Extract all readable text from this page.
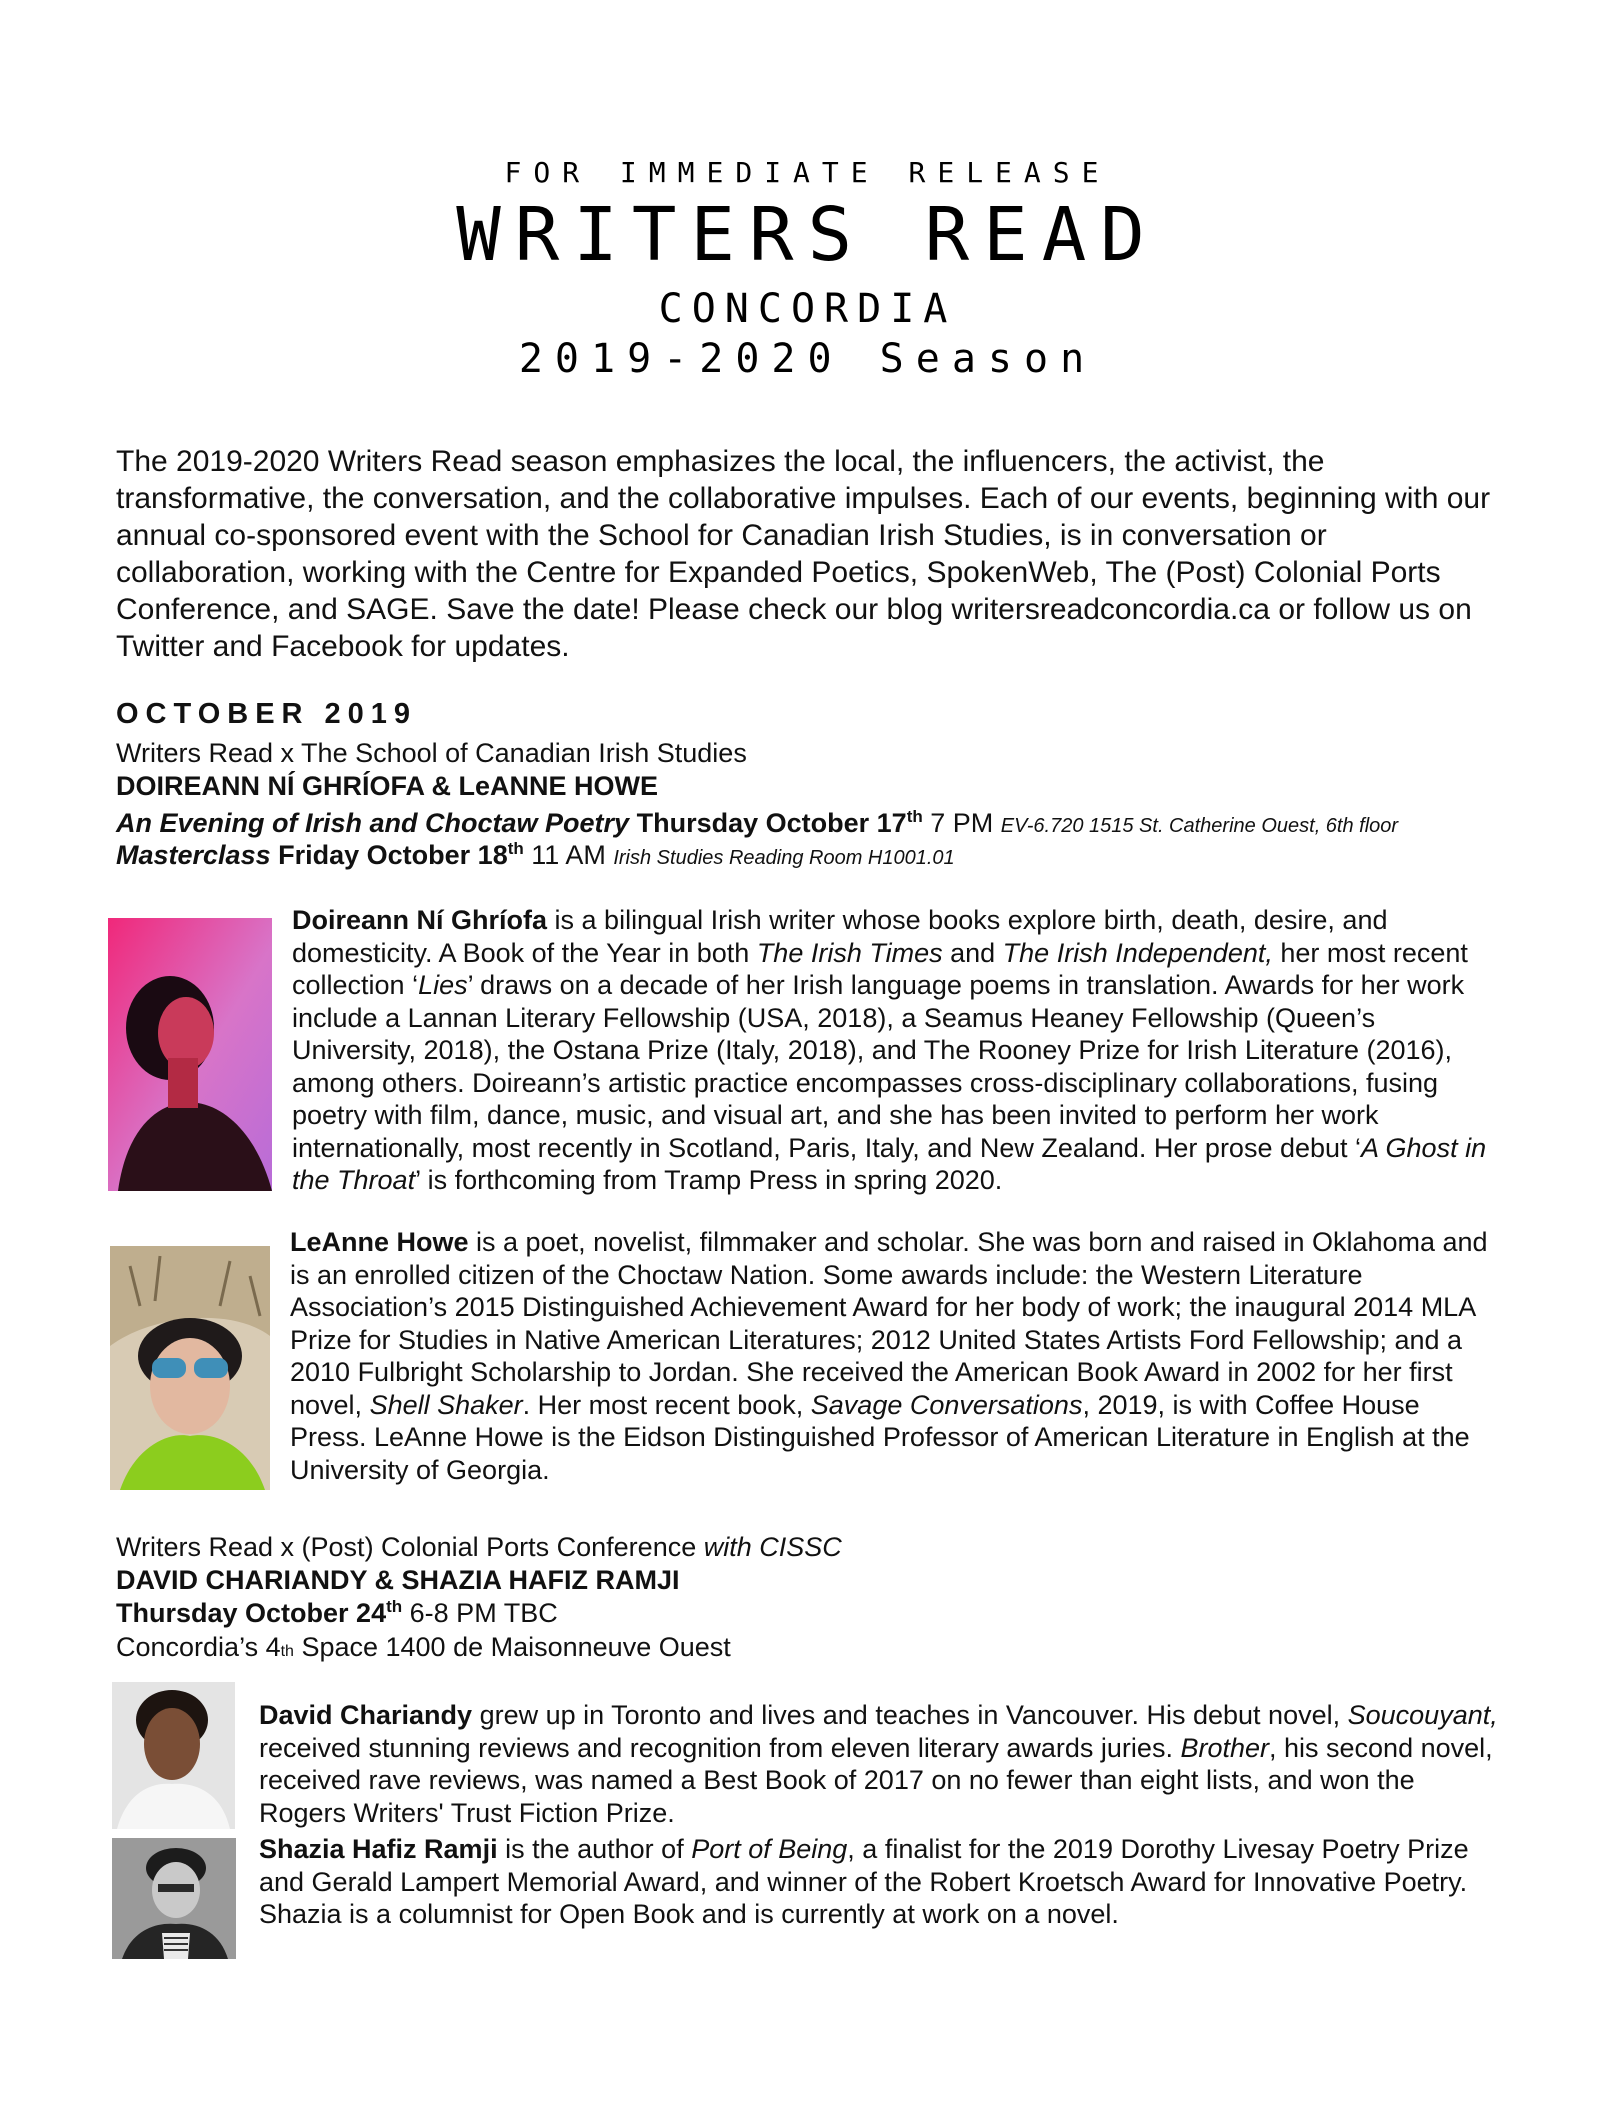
FOR IMMEDIATE RELEASE
WRITERS READ
CONCORDIA
2019-2020 Season
The 2019-2020 Writers Read season emphasizes the local, the influencers, the activist, the transformative, the conversation, and the collaborative impulses. Each of our events, beginning with our annual co-sponsored event with the School for Canadian Irish Studies, is in conversation or collaboration, working with the Centre for Expanded Poetics, SpokenWeb, The (Post) Colonial Ports Conference, and SAGE. Save the date! Please check our blog writersreadconcordia.ca or follow us on Twitter and Facebook for updates.
OCTOBER 2019
Writers Read x The School of Canadian Irish Studies
DOIREANN NÍ GHRÍOFA & LeANNE HOWE
An Evening of Irish and Choctaw Poetry Thursday October 17th 7 PM EV-6.720 1515 St. Catherine Ouest, 6th floor
Masterclass Friday October 18th 11 AM Irish Studies Reading Room H1001.01
Doireann Ní Ghríofa is a bilingual Irish writer whose books explore birth, death, desire, and domesticity. A Book of the Year in both The Irish Times and The Irish Independent, her most recent collection ‘Lies’ draws on a decade of her Irish language poems in translation. Awards for her work include a Lannan Literary Fellowship (USA, 2018), a Seamus Heaney Fellowship (Queen’s University, 2018), the Ostana Prize (Italy, 2018), and The Rooney Prize for Irish Literature (2016), among others. Doireann’s artistic practice encompasses cross-disciplinary collaborations, fusing poetry with film, dance, music, and visual art, and she has been invited to perform her work internationally, most recently in Scotland, Paris, Italy, and New Zealand. Her prose debut ‘A Ghost in the Throat’ is forthcoming from Tramp Press in spring 2020.
LeAnne Howe is a poet, novelist, filmmaker and scholar. She was born and raised in Oklahoma and is an enrolled citizen of the Choctaw Nation. Some awards include: the Western Literature Association’s 2015 Distinguished Achievement Award for her body of work; the inaugural 2014 MLA Prize for Studies in Native American Literatures; 2012 United States Artists Ford Fellowship; and a 2010 Fulbright Scholarship to Jordan. She received the American Book Award in 2002 for her first novel, Shell Shaker. Her most recent book, Savage Conversations, 2019, is with Coffee House Press. LeAnne Howe is the Eidson Distinguished Professor of American Literature in English at the University of Georgia.
Writers Read x (Post) Colonial Ports Conference with CISSC
DAVID CHARIANDY & SHAZIA HAFIZ RAMJI
Thursday October 24th 6-8 PM TBC
Concordia’s 4th Space 1400 de Maisonneuve Ouest
David Chariandy grew up in Toronto and lives and teaches in Vancouver. His debut novel, Soucouyant, received stunning reviews and recognition from eleven literary awards juries. Brother, his second novel, received rave reviews, was named a Best Book of 2017 on no fewer than eight lists, and won the Rogers Writers' Trust Fiction Prize.
Shazia Hafiz Ramji is the author of Port of Being, a finalist for the 2019 Dorothy Livesay Poetry Prize and Gerald Lampert Memorial Award, and winner of the Robert Kroetsch Award for Innovative Poetry. Shazia is a columnist for Open Book and is currently at work on a novel.
